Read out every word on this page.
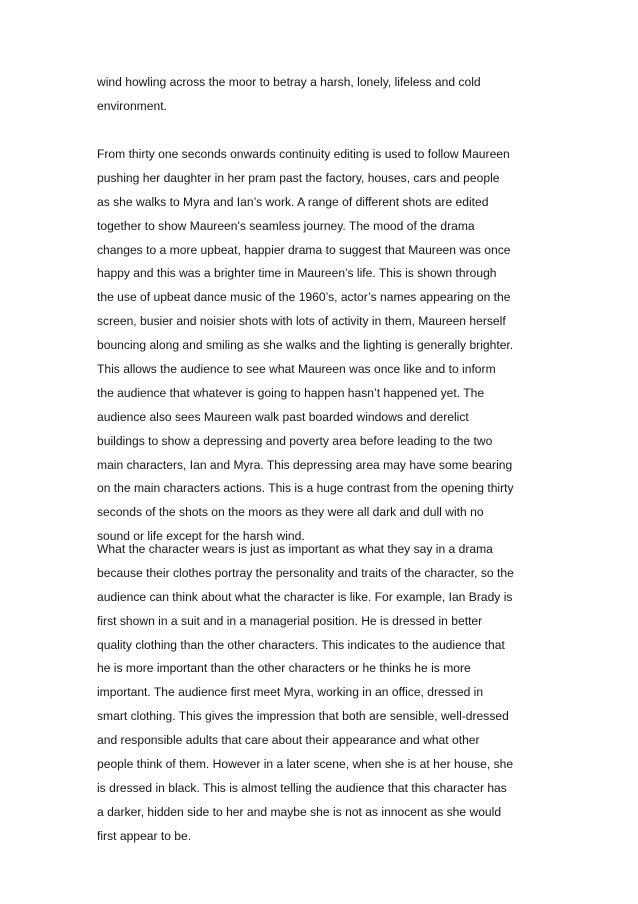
wind howling across the moor to betray a harsh, lonely, lifeless and cold
environment.
From thirty one seconds onwards continuity editing is used to follow Maureen
pushing her daughter in her pram past the factory, houses, cars and people
as she walks to Myra and Ian’s work. A range of different shots are edited
together to show Maureen's seamless journey. The mood of the drama
changes to a more upbeat, happier drama to suggest that Maureen was once
happy and this was a brighter time in Maureen’s life. This is shown through
the use of upbeat dance music of the 1960’s, actor’s names appearing on the
screen, busier and noisier shots with lots of activity in them, Maureen herself
bouncing along and smiling as she walks and the lighting is generally brighter.
This allows the audience to see what Maureen was once like and to inform
the audience that whatever is going to happen hasn’t happened yet. The
audience also sees Maureen walk past boarded windows and derelict
buildings to show a depressing and poverty area before leading to the two
main characters, Ian and Myra. This depressing area may have some bearing
on the main characters actions. This is a huge contrast from the opening thirty
seconds of the shots on the moors as they were all dark and dull with no
sound or life except for the harsh wind.
What the character wears is just as important as what they say in a drama
because their clothes portray the personality and traits of the character, so the
audience can think about what the character is like. For example, Ian Brady is
first shown in a suit and in a managerial position. He is dressed in better
quality clothing than the other characters. This indicates to the audience that
he is more important than the other characters or he thinks he is more
important. The audience first meet Myra, working in an office, dressed in
smart clothing. This gives the impression that both are sensible, well-dressed
and responsible adults that care about their appearance and what other
people think of them. However in a later scene, when she is at her house, she
is dressed in black. This is almost telling the audience that this character has
a darker, hidden side to her and maybe she is not as innocent as she would
first appear to be.
